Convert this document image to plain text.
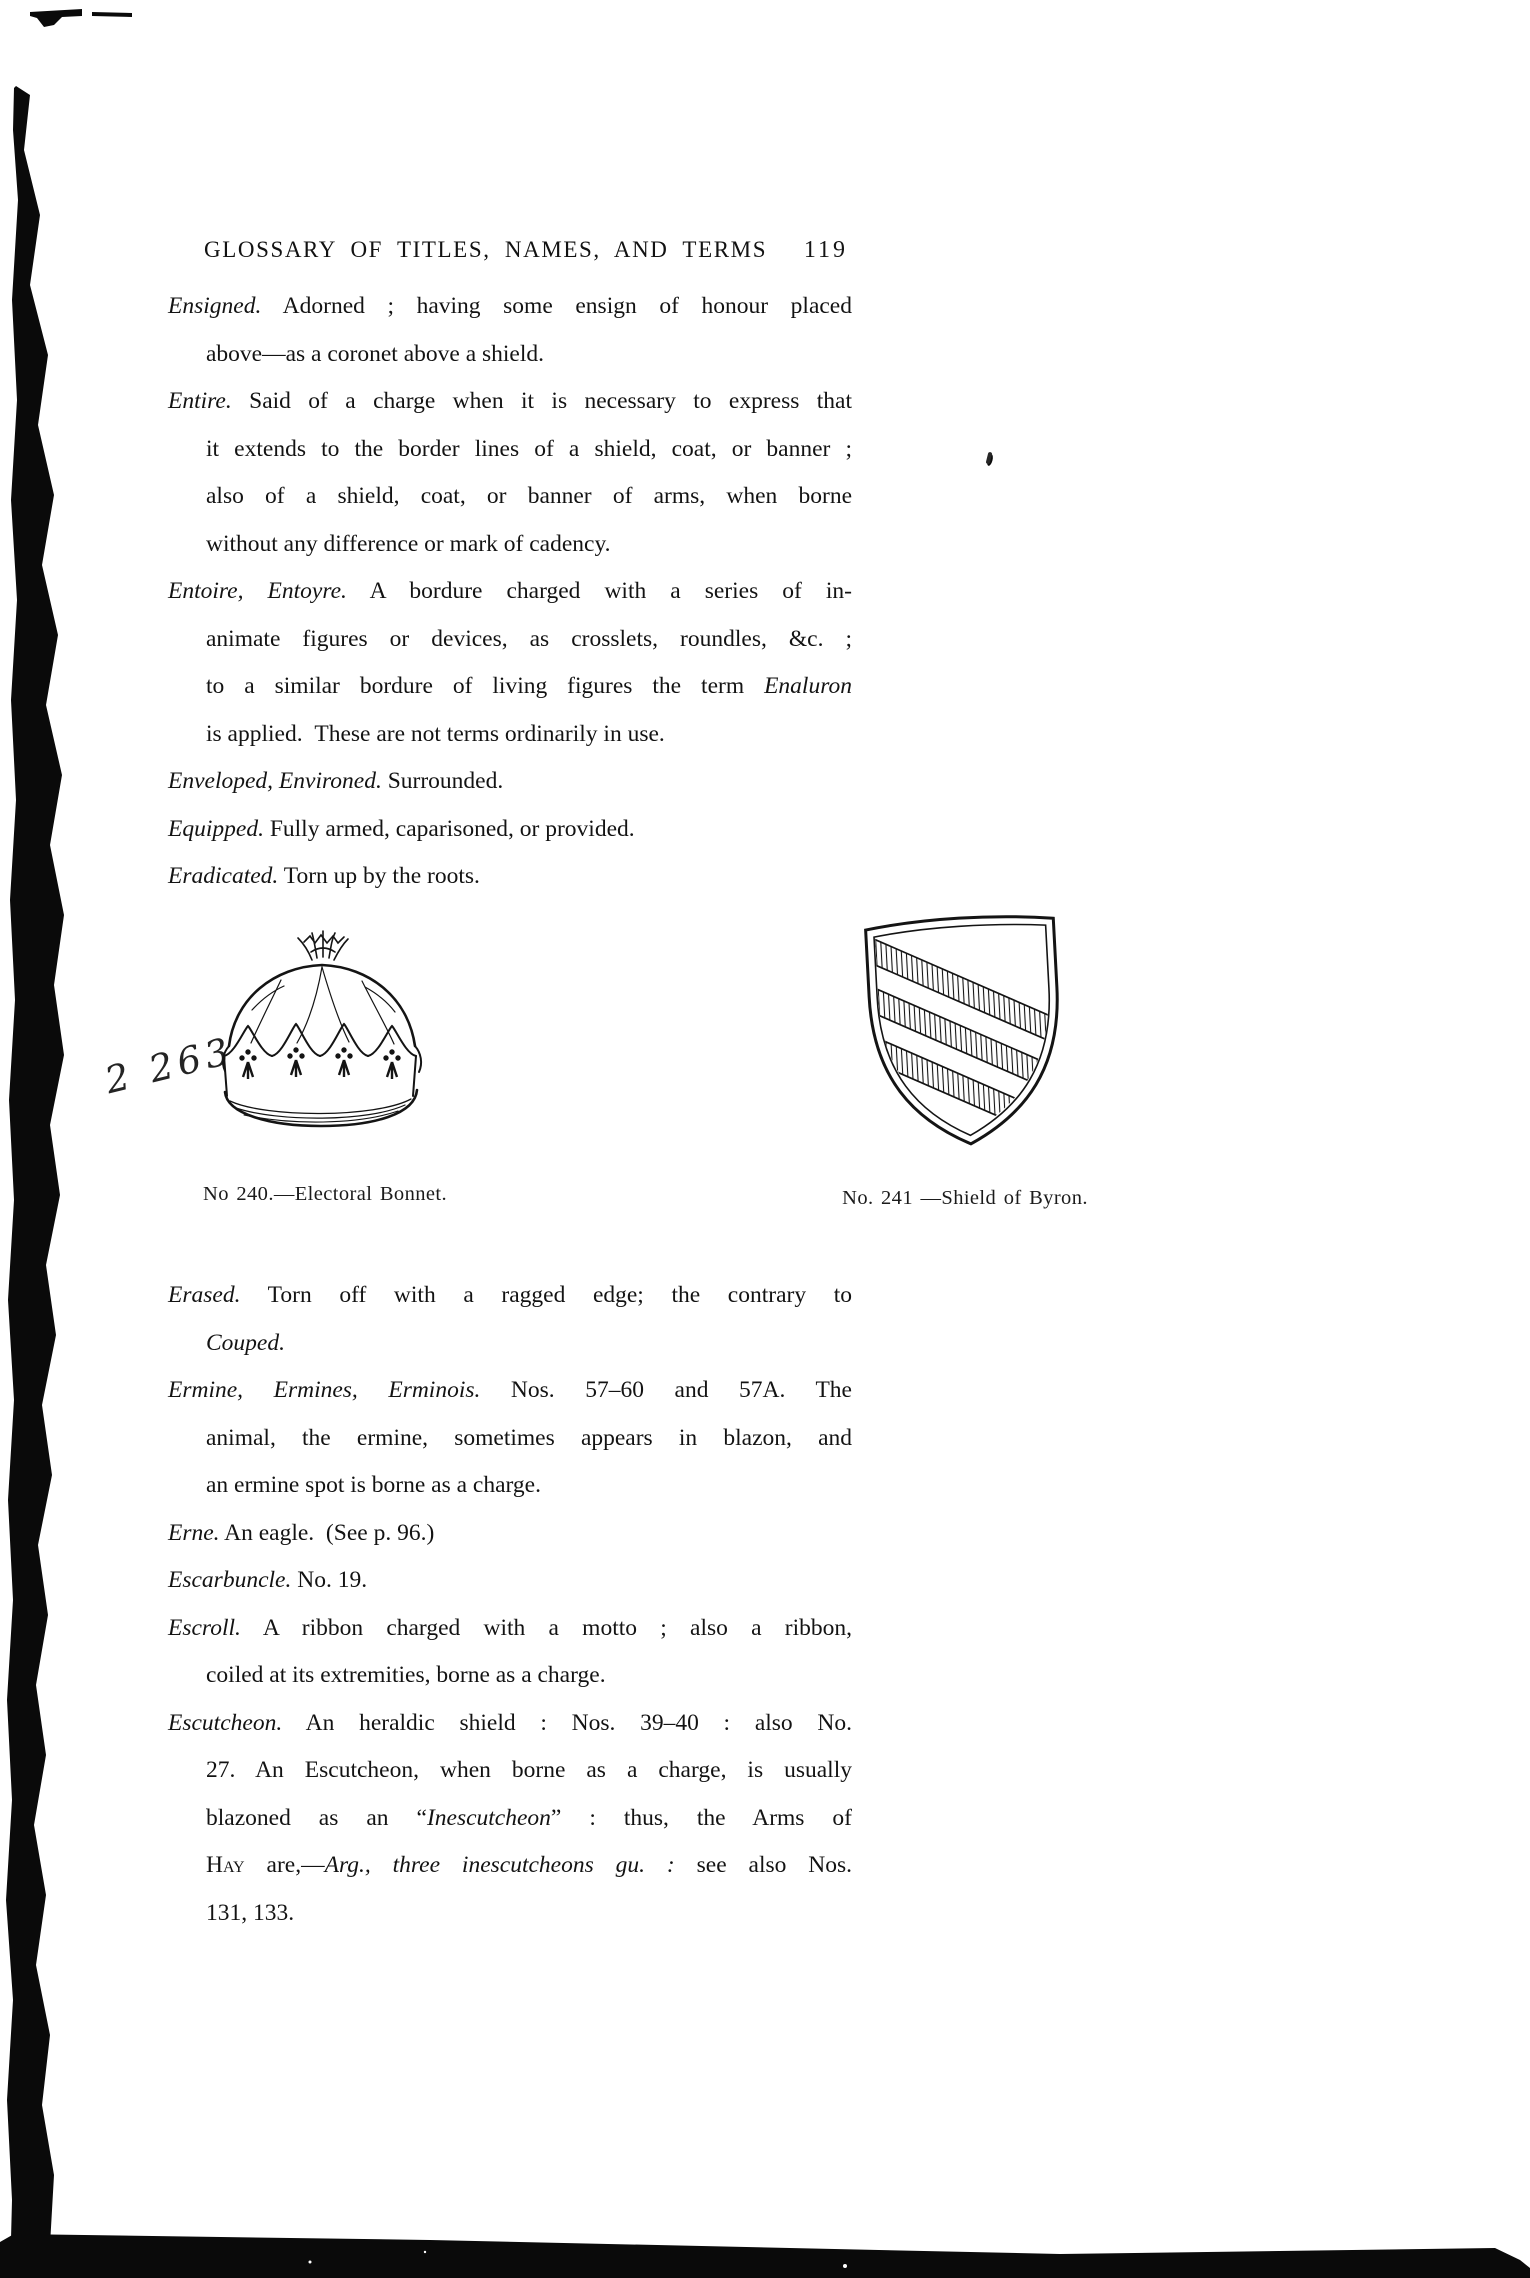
GLOSSARY OF TITLES, NAMES, AND TERMS 119
Ensigned. Adorned ; having some ensign of honour placed
above—as a coronet above a shield.
Entire. Said of a charge when it is necessary to express that
it extends to the border lines of a shield, coat, or banner ;
also of a shield, coat, or banner of arms, when borne
without any difference or mark of cadency.
Entoire, Entoyre. A bordure charged with a series of in-
animate figures or devices, as crosslets, roundles, &c. ;
to a similar bordure of living figures the term Enaluron
is applied. These are not terms ordinarily in use.
Enveloped, Environed. Surrounded.
Equipped. Fully armed, caparisoned, or provided.
Eradicated. Torn up by the roots.
2 263
No 240.—Electoral Bonnet.	No. 241 —Shield of Byron.
Erased. Torn off with a ragged edge; the contrary to
Couped.
Ermine, Ermines, Erminois. Nos. 57–60 and 57A. The
animal, the ermine, sometimes appears in blazon, and
an ermine spot is borne as a charge.
Erne. An eagle. (See p. 96.)
Escarbuncle. No. 19.
Escroll. A ribbon charged with a motto ; also a ribbon,
coiled at its extremities, borne as a charge.
Escutcheon. An heraldic shield : Nos. 39–40 : also No.
27. An Escutcheon, when borne as a charge, is usually
blazoned as an “Inescutcheon” : thus, the Arms of
Hay are,—Arg., three inescutcheons gu. : see also Nos.
131, 133.
